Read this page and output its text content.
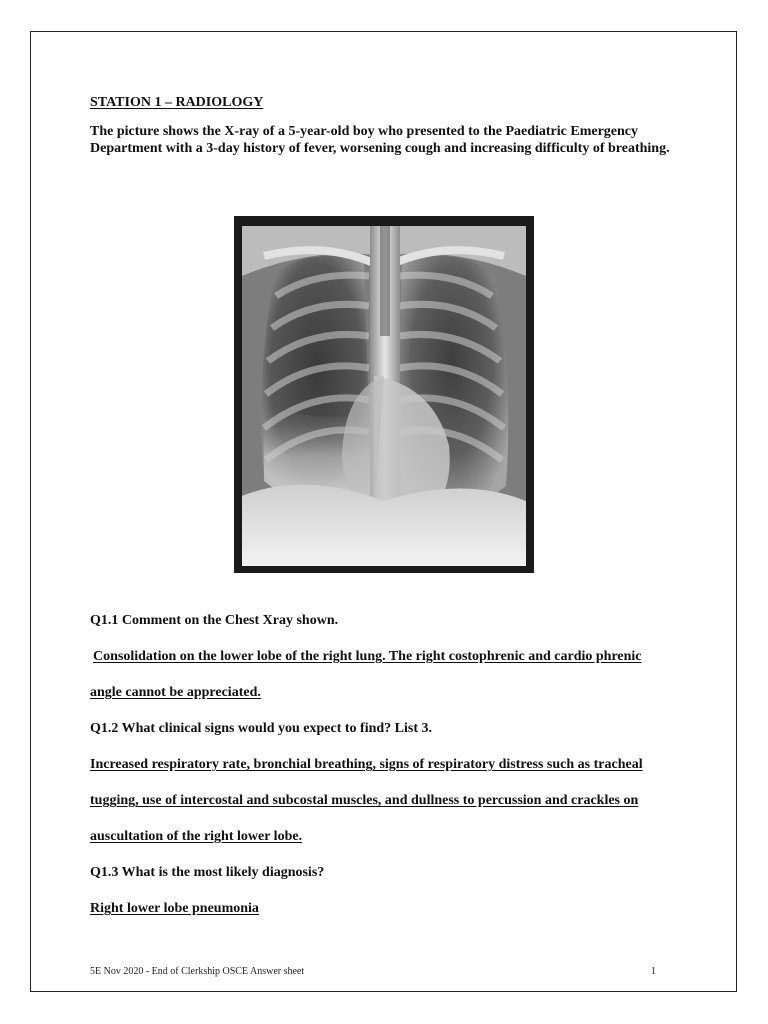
STATION 1 – RADIOLOGY
The picture shows the X-ray of a 5-year-old boy who presented to the Paediatric Emergency Department with a 3-day history of fever, worsening cough and increasing difficulty of breathing.
Q1.1 Comment on the Chest Xray shown.
Consolidation on the lower lobe of the right lung. The right costophrenic and cardio phrenic
angle cannot be appreciated.
Q1.2 What clinical signs would you expect to find? List 3.
Increased respiratory rate, bronchial breathing, signs of respiratory distress such as tracheal
tugging, use of intercostal and subcostal muscles, and dullness to percussion and crackles on
auscultation of the right lower lobe.
Q1.3 What is the most likely diagnosis?
Right lower lobe pneumonia
5E Nov 2020 - End of Clerkship OSCE Answer sheet	1
